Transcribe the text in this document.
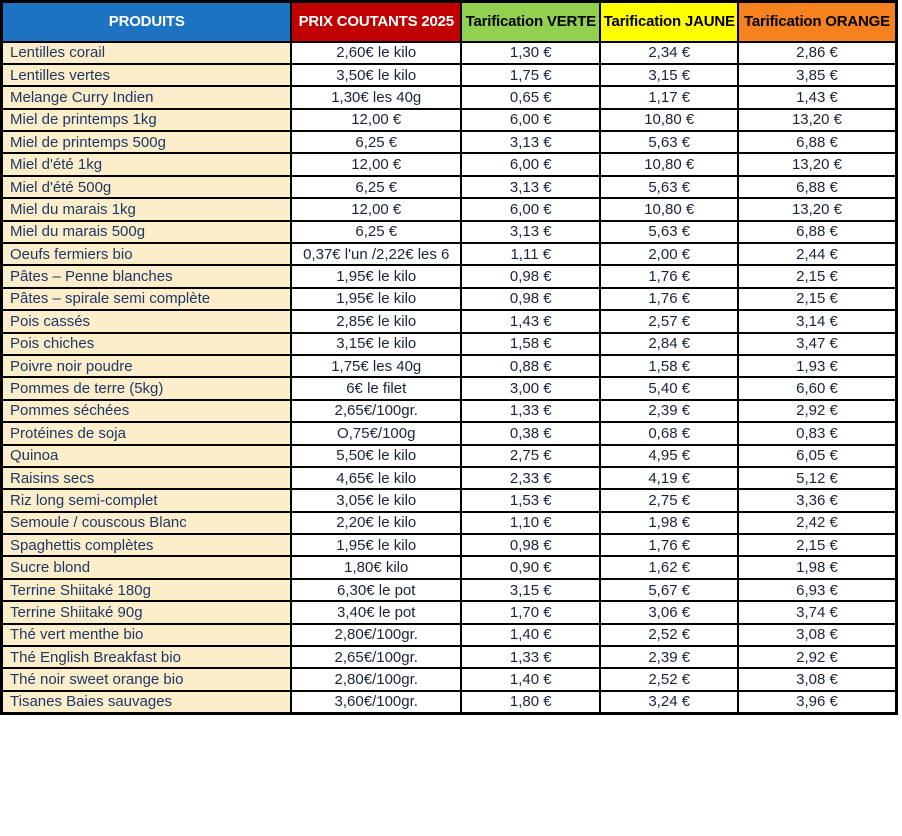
PRODUITS	PRIX COUTANTS 2025	Tarification VERTE	Tarification JAUNE	Tarification ORANGE
Lentilles corail	2,60€ le kilo	1,30 €	2,34 €	2,86 €
Lentilles vertes	3,50€ le kilo	1,75 €	3,15 €	3,85 €
Melange Curry Indien	1,30€ les 40g	0,65 €	1,17 €	1,43 €
Miel de printemps 1kg	12,00 €	6,00 €	10,80 €	13,20 €
Miel de printemps 500g	6,25 €	3,13 €	5,63 €	6,88 €
Miel d'été 1kg	12,00 €	6,00 €	10,80 €	13,20 €
Miel d'été 500g	6,25 €	3,13 €	5,63 €	6,88 €
Miel du marais 1kg	12,00 €	6,00 €	10,80 €	13,20 €
Miel du marais 500g	6,25 €	3,13 €	5,63 €	6,88 €
Oeufs fermiers bio	0,37€ l'un /2,22€ les 6	1,11 €	2,00 €	2,44 €
Pâtes – Penne blanches	1,95€ le kilo	0,98 €	1,76 €	2,15 €
Pâtes – spirale semi complète	1,95€ le kilo	0,98 €	1,76 €	2,15 €
Pois cassés	2,85€ le kilo	1,43 €	2,57 €	3,14 €
Pois chiches	3,15€ le kilo	1,58 €	2,84 €	3,47 €
Poivre noir poudre	1,75€ les 40g	0,88 €	1,58 €	1,93 €
Pommes de terre (5kg)	6€ le filet	3,00 €	5,40 €	6,60 €
Pommes séchées	2,65€/100gr.	1,33 €	2,39 €	2,92 €
Protéines de soja	O,75€/100g	0,38 €	0,68 €	0,83 €
Quinoa	5,50€ le kilo	2,75 €	4,95 €	6,05 €
Raisins secs	4,65€ le kilo	2,33 €	4,19 €	5,12 €
Riz long semi-complet	3,05€ le kilo	1,53 €	2,75 €	3,36 €
Semoule / couscous Blanc	2,20€ le kilo	1,10 €	1,98 €	2,42 €
Spaghettis complètes	1,95€ le kilo	0,98 €	1,76 €	2,15 €
Sucre blond	1,80€ kilo	0,90 €	1,62 €	1,98 €
Terrine Shiitaké 180g	6,30€ le pot	3,15 €	5,67 €	6,93 €
Terrine Shiitaké 90g	3,40€ le pot	1,70 €	3,06 €	3,74 €
Thé vert menthe bio	2,80€/100gr.	1,40 €	2,52 €	3,08 €
Thé English Breakfast bio	2,65€/100gr.	1,33 €	2,39 €	2,92 €
Thé noir sweet orange bio	2,80€/100gr.	1,40 €	2,52 €	3,08 €
Tisanes Baies sauvages	3,60€/100gr.	1,80 €	3,24 €	3,96 €
